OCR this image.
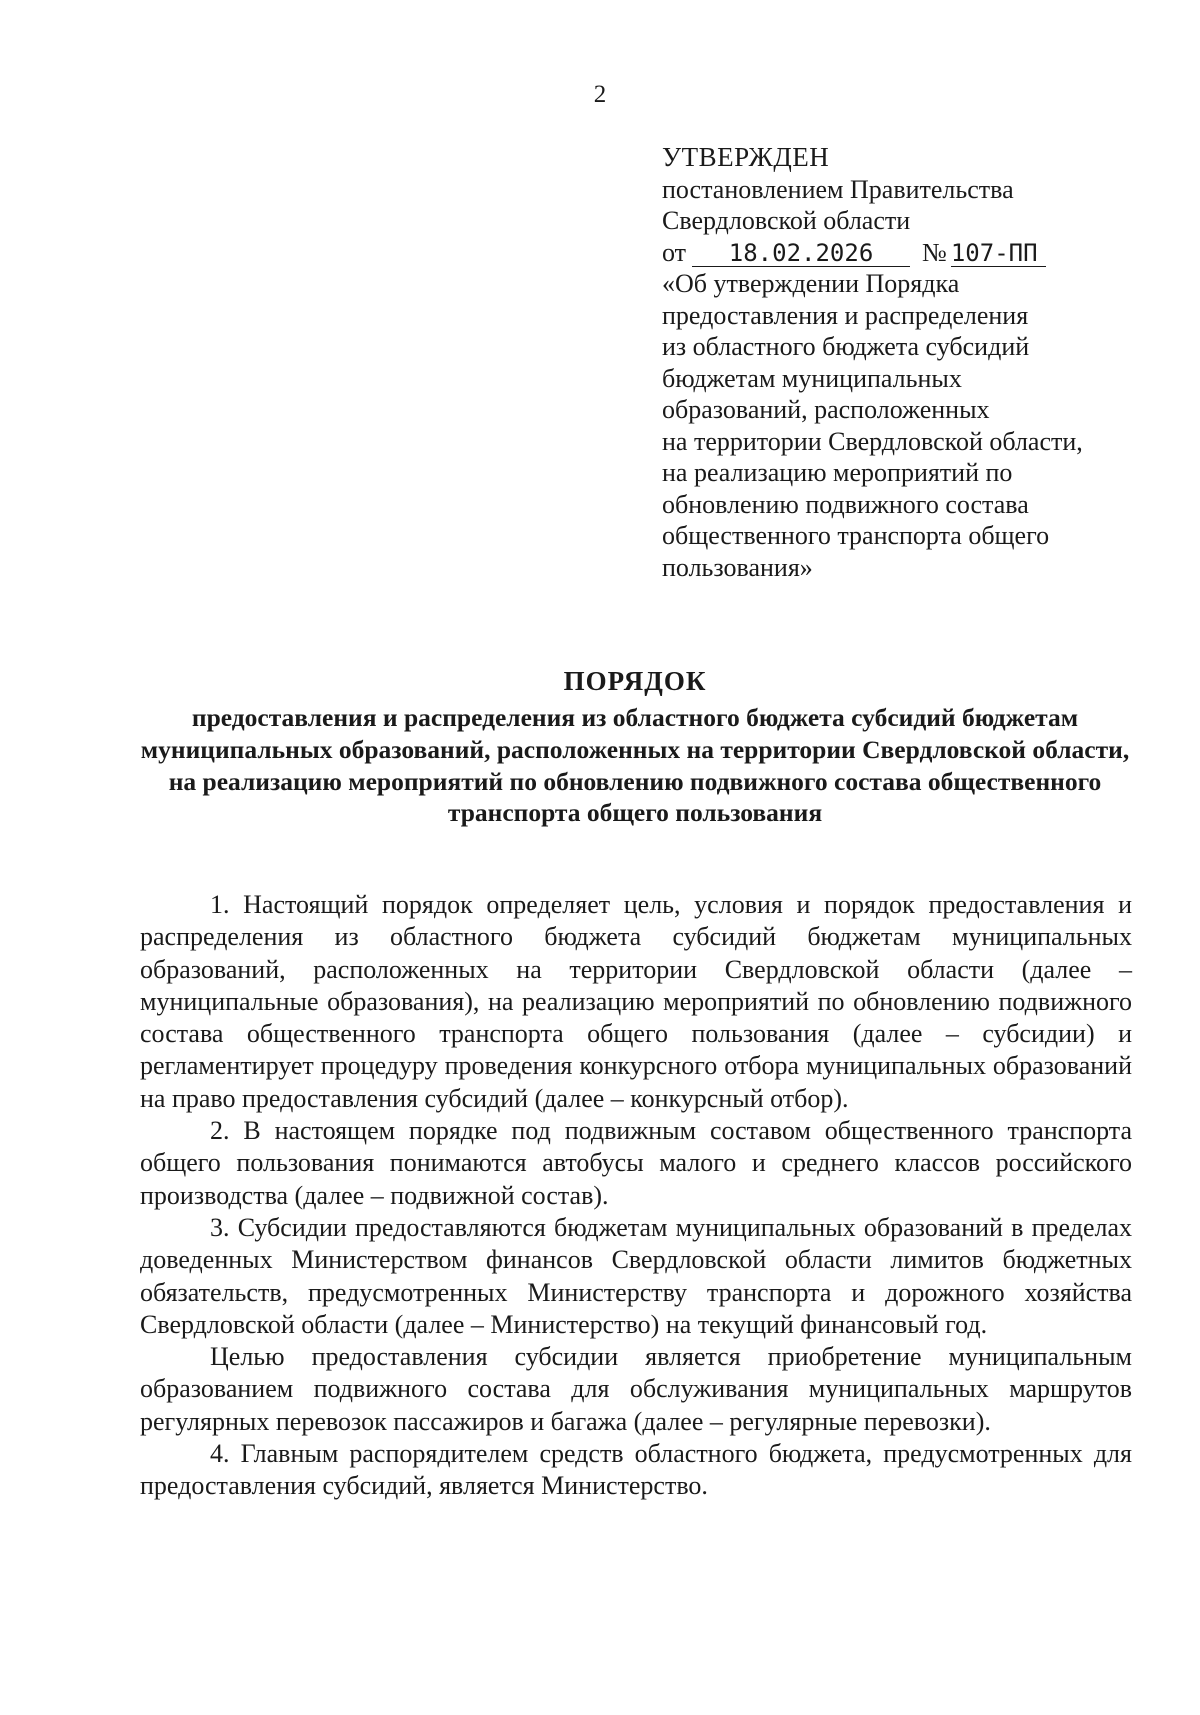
2
УТВЕРЖДЕН
постановлением Правительства
Свердловской области
от 18.02.2026 № 107-ПП
«Об утверждении Порядка
предоставления и распределения
из областного бюджета субсидий
бюджетам муниципальных
образований, расположенных
на территории Свердловской области,
на реализацию мероприятий по
обновлению подвижного состава
общественного транспорта общего
пользования»
ПОРЯДОК
предоставления и распределения из областного бюджета субсидий бюджетам муниципальных образований, расположенных на территории Свердловской области, на реализацию мероприятий по обновлению подвижного состава общественного транспорта общего пользования

1. Настоящий порядок определяет цель, условия и порядок предоставления и распределения из областного бюджета субсидий бюджетам муниципальных образований, расположенных на территории Свердловской области (далее – муниципальные образования), на реализацию мероприятий по обновлению подвижного состава общественного транспорта общего пользования (далее – субсидии) и регламентирует процедуру проведения конкурсного отбора муниципальных образований на право предоставления субсидий (далее – конкурсный отбор).

2. В настоящем порядке под подвижным составом общественного транспорта общего пользования понимаются автобусы малого и среднего классов российского производства (далее – подвижной состав).

3. Субсидии предоставляются бюджетам муниципальных образований в пределах доведенных Министерством финансов Свердловской области лимитов бюджетных обязательств, предусмотренных Министерству транспорта и дорожного хозяйства Свердловской области (далее – Министерство) на текущий финансовый год.

Целью предоставления субсидии является приобретение муниципальным образованием подвижного состава для обслуживания муниципальных маршрутов регулярных перевозок пассажиров и багажа (далее – регулярные перевозки).

4. Главным распорядителем средств областного бюджета, предусмотренных для предоставления субсидий, является Министерство.
